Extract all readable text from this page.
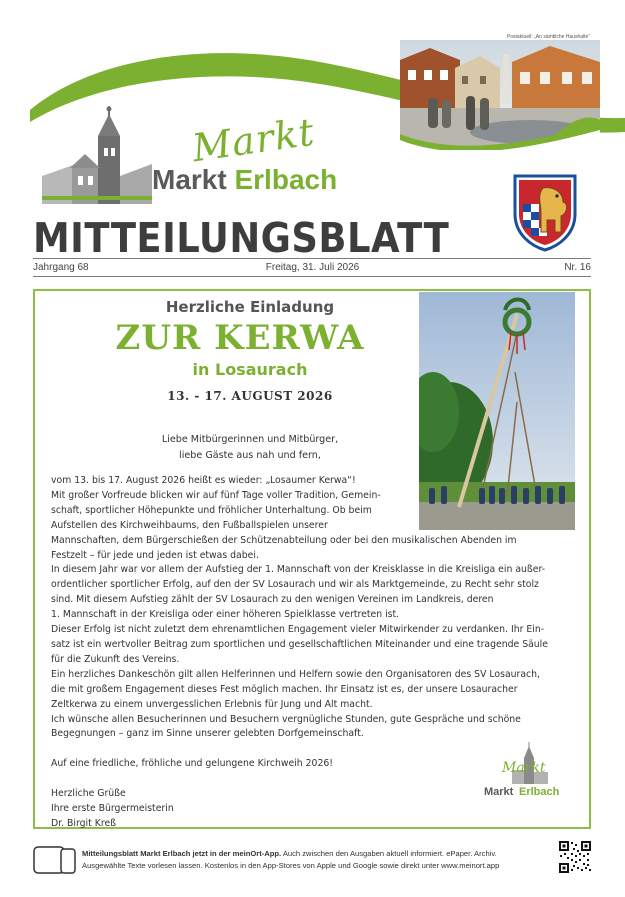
Postaktuell: „An sämtliche Haushalte“
Markt
Markt Erlbach
MITTEILUNGSBLATT
Jahrgang 68	Freitag, 31. Juli 2026	Nr. 16
Herzliche Einladung
ZUR KERWA
in Losaurach
13. - 17. AUGUST 2026
Liebe Mitbürgerinnen und Mitbürger,
liebe Gäste aus nah und fern,

vom 13. bis 17. August 2026 heißt es wieder: „Losaumer Kerwa“!

Mit großer Vorfreude blicken wir auf fünf Tage voller Tradition, Gemein-

schaft, sportlicher Höhepunkte und fröhlicher Unterhaltung. Ob beim

Aufstellen des Kirchweihbaums, den Fußballspielen unserer

Mannschaften, dem Bürgerschießen der Schützenabteilung oder bei den musikalischen Abenden im

Festzelt – für jede und jeden ist etwas dabei.

In diesem Jahr war vor allem der Aufstieg der 1. Mannschaft von der Kreisklasse in die Kreisliga ein außer-

ordentlicher sportlicher Erfolg, auf den der SV Losaurach und wir als Marktgemeinde, zu Recht sehr stolz

sind. Mit diesem Aufstieg zählt der SV Losaurach zu den wenigen Vereinen im Landkreis, deren

1. Mannschaft in der Kreisliga oder einer höheren Spielklasse vertreten ist.

Dieser Erfolg ist nicht zuletzt dem ehrenamtlichen Engagement vieler Mitwirkender zu verdanken. Ihr Ein-

satz ist ein wertvoller Beitrag zum sportlichen und gesellschaftlichen Miteinander und eine tragende Säule

für die Zukunft des Vereins.

Ein herzliches Dankeschön gilt allen Helferinnen und Helfern sowie den Organisatoren des SV Losaurach,

die mit großem Engagement dieses Fest möglich machen. Ihr Einsatz ist es, der unsere Losauracher

Zeltkerwa zu einem unvergesslichen Erlebnis für Jung und Alt macht.

Ich wünsche allen Besucherinnen und Besuchern vergnügliche Stunden, gute Gespräche und schöne

Begegnungen – ganz im Sinne unserer gelebten Dorfgemeinschaft.

Auf eine friedliche, fröhliche und gelungene Kirchweih 2026!

Herzliche Grüße

Ihre erste Bürgermeisterin

Dr. Birgit Kreß

Markt
Markt Erlbach
Mitteilungsblatt Markt Erlbach jetzt in der meinOrt-App. Auch zwischen den Ausgaben aktuell informiert. ePaper. Archiv.
Ausgewählte Texte vorlesen lassen. Kostenlos in den App-Stores von Apple und Google sowie direkt unter www.meinort.app
